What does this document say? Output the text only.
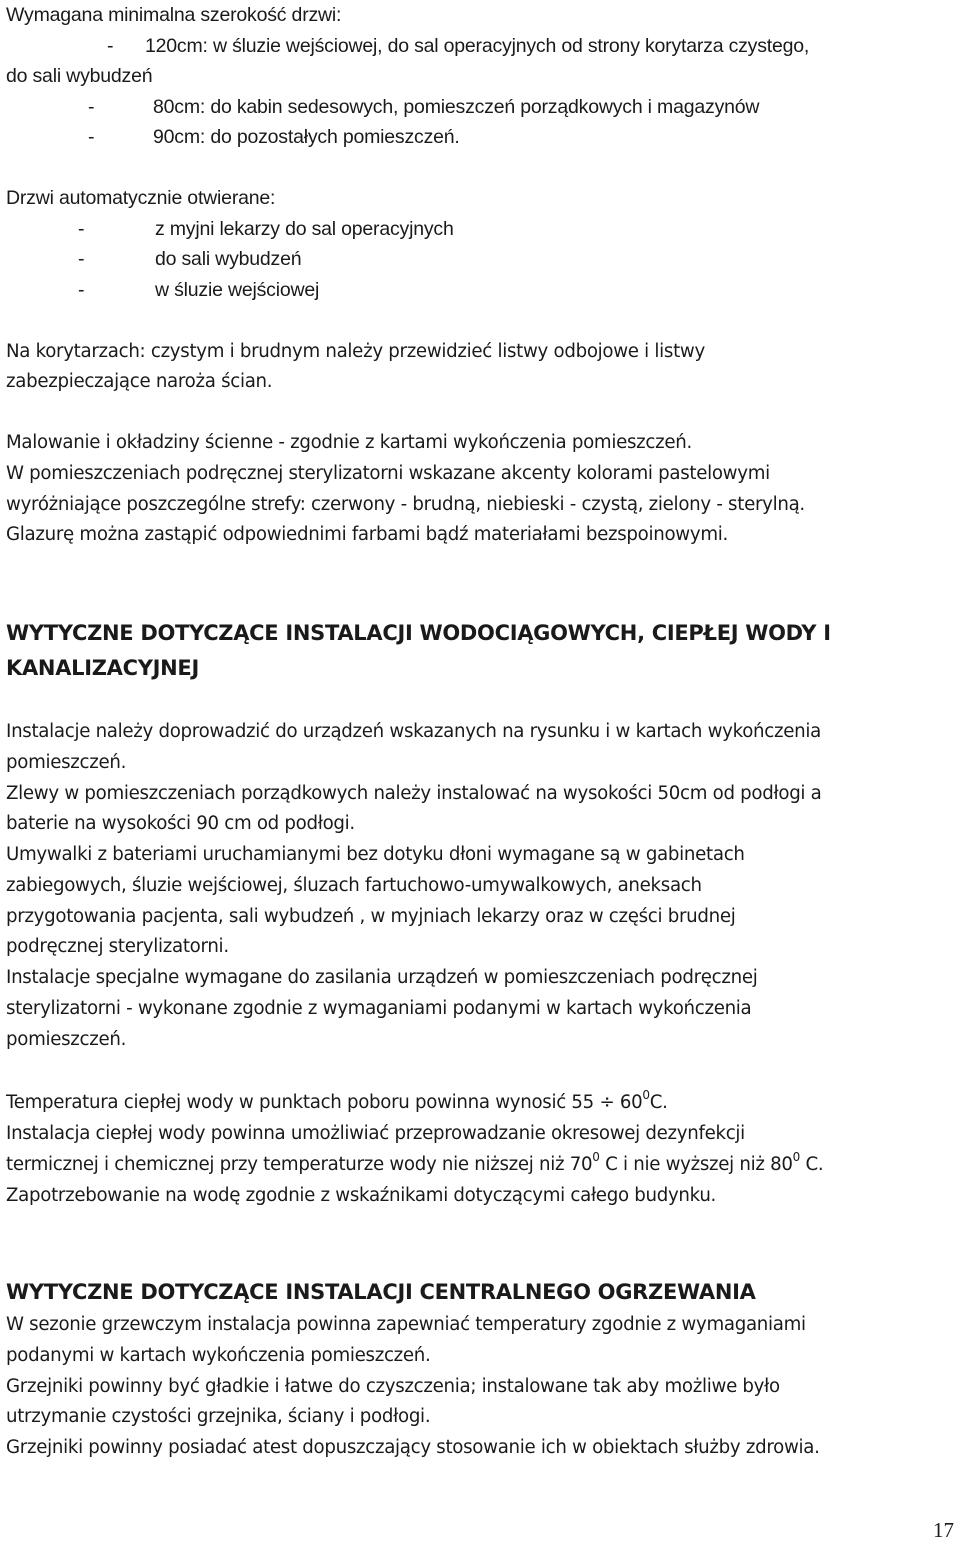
Wymagana minimalna szerokość drzwi:
- 120cm: w śluzie wejściowej, do sal operacyjnych od strony korytarza czystego,
do sali wybudzeń
-	80cm: do kabin sedesowych, pomieszczeń porządkowych i magazynów
-	90cm: do pozostałych pomieszczeń.
Drzwi automatycznie otwierane:
-	z myjni lekarzy do sal operacyjnych
-	do sali wybudzeń
-	w śluzie wejściowej
Na korytarzach: czystym i brudnym należy przewidzieć listwy odbojowe i listwy
zabezpieczające naroża ścian.
Malowanie i okładziny ścienne - zgodnie z kartami wykończenia pomieszczeń.
W pomieszczeniach podręcznej sterylizatorni wskazane akcenty kolorami pastelowymi
wyróżniające poszczególne strefy: czerwony - brudną, niebieski - czystą, zielony - sterylną.
Glazurę można zastąpić odpowiednimi farbami bądź materiałami bezspoinowymi.
WYTYCZNE DOTYCZĄCE INSTALACJI WODOCIĄGOWYCH, CIEPŁEJ WODY I
KANALIZACYJNEJ
Instalacje należy doprowadzić do urządzeń wskazanych na rysunku i w kartach wykończenia
pomieszczeń.
Zlewy w pomieszczeniach porządkowych należy instalować na wysokości 50cm od podłogi a
baterie na wysokości 90 cm od podłogi.
Umywalki z bateriami uruchamianymi bez dotyku dłoni wymagane są w gabinetach
zabiegowych, śluzie wejściowej, śluzach fartuchowo-umywalkowych, aneksach
przygotowania pacjenta, sali wybudzeń , w myjniach lekarzy oraz w części brudnej
podręcznej sterylizatorni.
Instalacje specjalne wymagane do zasilania urządzeń w pomieszczeniach podręcznej
sterylizatorni - wykonane zgodnie z wymaganiami podanymi w kartach wykończenia
pomieszczeń.
Temperatura ciepłej wody w punktach poboru powinna wynosić $55 \div 60^0C$.
Instalacja ciepłej wody powinna umożliwiać przeprowadzanie okresowej dezynfekcji
termicznej i chemicznej przy temperaturze wody nie niższej niż $70^0$ C i nie wyższej niż $80^0$ C.
Zapotrzebowanie na wodę zgodnie z wskaźnikami dotyczącymi całego budynku.
WYTYCZNE DOTYCZĄCE INSTALACJI CENTRALNEGO OGRZEWANIA
W sezonie grzewczym instalacja powinna zapewniać temperatury zgodnie z wymaganiami
podanymi w kartach wykończenia pomieszczeń.
Grzejniki powinny być gładkie i łatwe do czyszczenia; instalowane tak aby możliwe było
utrzymanie czystości grzejnika, ściany i podłogi.
Grzejniki powinny posiadać atest dopuszczający stosowanie ich w obiektach służby zdrowia.
17
